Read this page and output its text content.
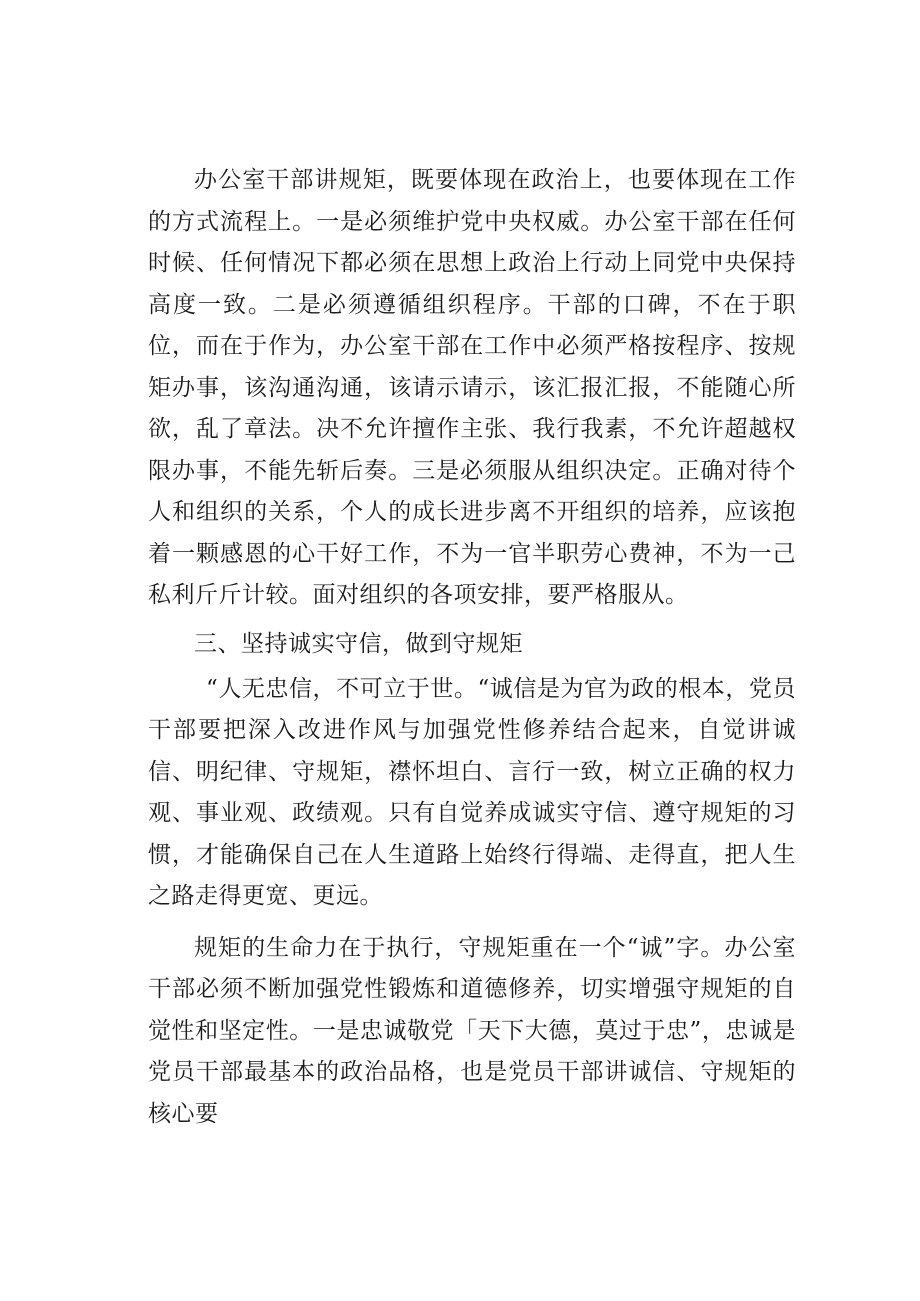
办公室干部讲规矩，既要体现在政治上，也要体现在工作的方式流程上。一是必须维护党中央权威。办公室干部在任何时候、任何情况下都必须在思想上政治上行动上同党中央保持高度一致。二是必须遵循组织程序。干部的口碑，不在于职位，而在于作为，办公室干部在工作中必须严格按程序、按规矩办事，该沟通沟通，该请示请示，该汇报汇报，不能随心所欲，乱了章法。决不允许擅作主张、我行我素，不允许超越权限办事，不能先斩后奏。三是必须服从组织决定。正确对待个人和组织的关系，个人的成长进步离不开组织的培养，应该抱着一颗感恩的心干好工作，不为一官半职劳心费神，不为一己私利斤斤计较。面对组织的各项安排，要严格服从。

三、坚持诚实守信，做到守规矩

“人无忠信，不可立于世。“诚信是为官为政的根本，党员干部要把深入改进作风与加强党性修养结合起来，自觉讲诚信、明纪律、守规矩，襟怀坦白、言行一致，树立正确的权力观、事业观、政绩观。只有自觉养成诚实守信、遵守规矩的习惯，才能确保自己在人生道路上始终行得端、走得直，把人生之路走得更宽、更远。

规矩的生命力在于执行，守规矩重在一个“诚”字。办公室干部必须不断加强党性锻炼和道德修养，切实增强守规矩的自觉性和坚定性。一是忠诚敬党「天下大德，莫过于忠”，忠诚是党员干部最基本的政治品格，也是党员干部讲诚信、守规矩的核心要
